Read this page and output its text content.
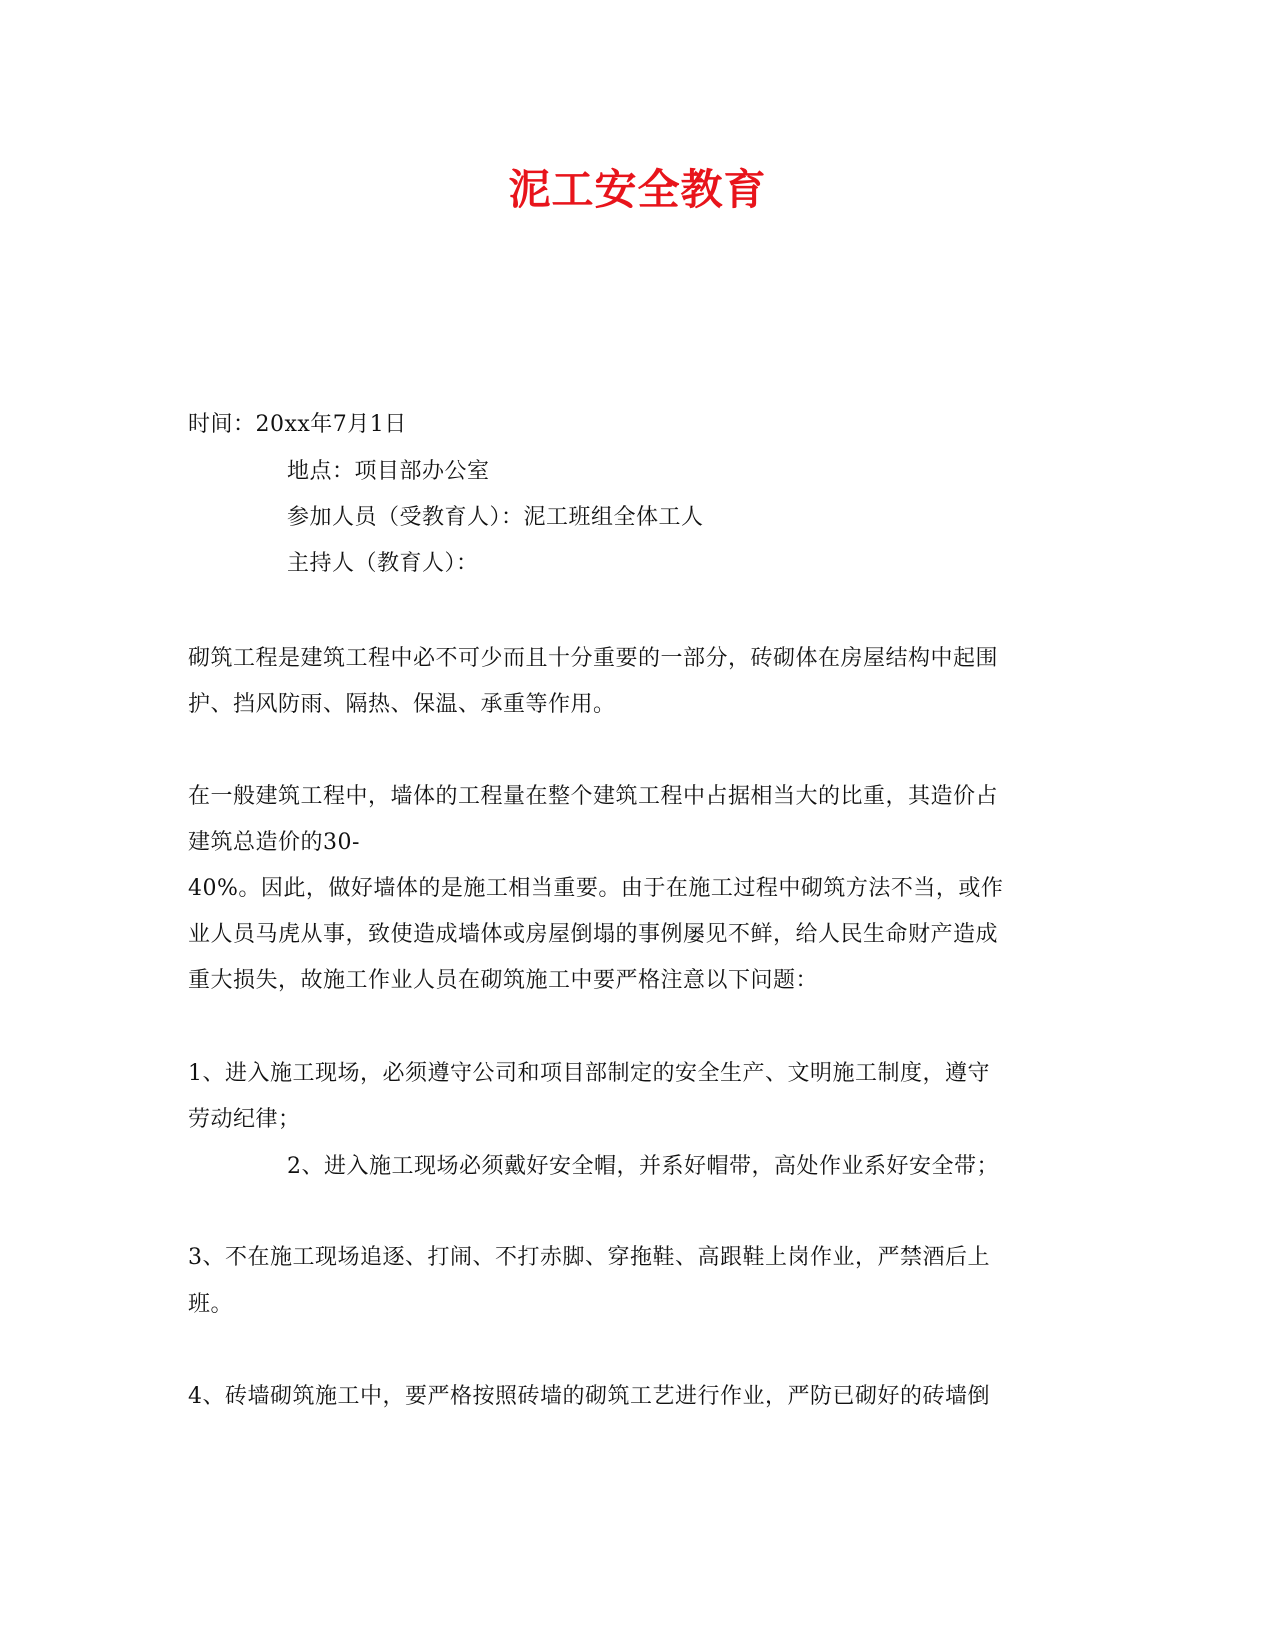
泥工安全教育
时间：20xx年7月1日
地点：项目部办公室
参加人员（受教育人）：泥工班组全体工人
主持人（教育人）：
砌筑工程是建筑工程中必不可少而且十分重要的一部分，砖砌体在房屋结构中起围
护、挡风防雨、隔热、保温、承重等作用。
在一般建筑工程中，墙体的工程量在整个建筑工程中占据相当大的比重，其造价占
建筑总造价的30-
40%。因此，做好墙体的是施工相当重要。由于在施工过程中砌筑方法不当，或作
业人员马虎从事，致使造成墙体或房屋倒塌的事例屡见不鲜，给人民生命财产造成
重大损失，故施工作业人员在砌筑施工中要严格注意以下问题：
1、进入施工现场，必须遵守公司和项目部制定的安全生产、文明施工制度，遵守
劳动纪律；
2、进入施工现场必须戴好安全帽，并系好帽带，高处作业系好安全带；
3、不在施工现场追逐、打闹、不打赤脚、穿拖鞋、高跟鞋上岗作业，严禁酒后上
班。
4、砖墙砌筑施工中，要严格按照砖墙的砌筑工艺进行作业，严防已砌好的砖墙倒
